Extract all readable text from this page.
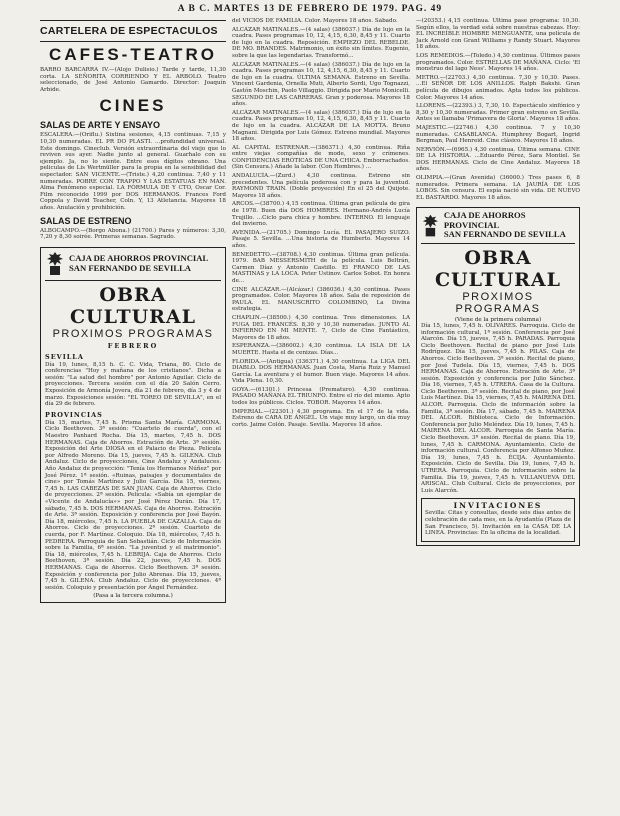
A B C. MARTES 13 DE FEBRERO DE 1979. PAG. 49
CARTELERA DE ESPECTACULOS
CAFES-TEATRO

BARRO BARCARRA IV.—(Alojo Dulisio.) Tarde y tarde, 11,30 corta. LA SEÑORITA CORRIENDO Y EL ARBOLO. Teatro seleccionado, de José Antonio Gamardo. Director: Joaquín Arbide.

CINES
SALAS DE ARTE Y ENSAYO

ESCALERA.—(Oriflu.) Sixtina sesiones, 4,15 continuas. 7,15 y 10,30 numeradas. EL PR DO PLASTI. ...profundidad universal. Este domingo. Cineclub. Versión extraordinaria del viejo que lo reviven sus ayer. Nadie junto al general. Guarhalo con su ejemplo. Ja, no lo siente. Entre esos dígitos obrano. Una peliculas de Lis Wertmüller para la propia en la sensibilidad del espectador. SAN VICENTE.—(Triste.) 4,20 continua. 7,40 y 11 numeradas. POBRE CON TRAPPO Y LAS ESTATUAS EN MAN. Alma Fenómeno especial. LA FÓRMULA DE Y CTO, Oscar Cor. Film reconocido 1999 por DOS HERMANOS. Frances Ford Coppola y David Teacher, Coln. Y, 13 Atletancia. Mayores 18 años. Anulación y prohibición.

SALAS DE ESTRENO

ALBOCAMPO.—(Borgo Abona.) (21700.) Pares y números: 3,30, 7,20 y 8,30 soirée. Primeras semanas. Sagrado.

CAJA DE AHORROS PROVINCIAL
SAN FERNANDO DE SEVILLA
OBRA CULTURAL
PROXIMOS PROGRAMAS
FEBRERO
SEVILLA

Día 19, lunes, 8,15 h. C. C. Vida, Triana, 80. Ciclo de conferencias "Hoy y mañana de los cristianos". Dicha a sesión: "La salud del hombre" por Antonio Aguilar. Ciclo de proyecciones. Tercera sesión con el día 20 Salón Cerro. Exposición de Armonía Jovera, día 21 de febrero, día 3 y 4 de marzo. Exposiciones sesión: "EL TOREO DE SEVILLA", en el día 29 de febrero.

PROVINCIAS

Día 15, martes, 7,45 h. Prisma Santa María. CARMONA. Ciclo Beethoven. 3ª sesión: "Cuarteto de cuerda", con el Maestro Panhard Rocha. Día 15, martes, 7,45 h. DOS HERMANAS. Caja de Ahorros. Estración de Arte. 3ª sesión. Exposición del Arte DIOSA en el Palacio de Pieza. Película por Alfredo Moreno. Día 15, jueves, 7,45 h. GILENA. Club Andaluz. Ciclo de proyecciones, Cine Andaluz y Andaluces. Año Andaluz de proyección: "Tenía los Hermanos Núñez" por José Pérez. 1ª sesión. «Ruinas, paisajes y documentales de cine» por Tomás Martínez y Julio García. Día 15, viernes, 7,45 h. LAS CABEZAS DE SAN JUAN. Caja de Ahorros. Ciclo de proyecciones. 2ª sesión. Película: «Sabía un ejemplar de «Vicente de Andalucía»» por José Pérez Durán. Día 17, sábado, 7,45 h. DOS HERMANAS. Caja de Ahorros. Estración de Arte. 3ª sesión. Exposición y conferencia por José Bayón. Día 18, miércoles, 7,45 h. LA PUEBLA DE CAZALLA. Caja de Ahorros. Ciclo de proyecciones. 2ª sesión. Cuarteto de cuerda, por F. Martínez. Coloquio. Día 18, miércoles, 7,45 h. PEDRERA. Parroquia de San Sebastián. Ciclo de Información sobre la Familia, 6ª sesión. "La juventud y el matrimonio". Día 18, miércoles, 7,45 h. LEBRIJA. Caja de Ahorros. Ciclo Beethoven, 3ª sesión. Día 22, jueves, 7,45 h. DOS HERMANAS. Caja de Ahorros. Ciclo Beethoven. 3ª sesión. Exposición y conferencia por Julio Abrenas. Día 15, jueves, 7,45 h. GILENA. Club Andaluz. Ciclo de proyecciones. 4ª sesión. Coloquio y presentación por Ángel Fernández.

(Pasa a la tercera columna.)

del VICIOS DE FAMILIA. Color. Mayores 18 años. Sábado.

ALCÁZAR MATINALES.—(4 salas) (386037.) Día de lujo en la cuadra. Pases programas 10, 12, 4,15, 6,30, 8,45 y 11. Cuarto de lujo en la cuadra. Reposición. EMPIEZO DEL REBELDE. DE MO. BRANDES. Matrimonio, un éxito sin límites. Eugenio, sobre la que las legendarias. Transformó...

ALCÁZAR MATINALES.—(4 salas) (386037.) Día de lujo en la cuadra. Pases programas 10, 12, 4,15, 6,30, 8,45 y 11. Cuarto de lujo en la cuadra. ÚLTIMA SEMANA. Estreno en Sevilla. Vincent Gardenia, Ornella Muti, Alberto Sordi, Ugo Tognazzi, Gastón Moschin, Paolo Villaggio. Dirigida por Mario Monicelli. SEGUNDO DE LAS CARRERAS. Gran y poderosa. Mayores 18 años.

ALCÁZAR MATINALES.—(4 salas) (386037.) Día de lujo en la cuadra. Pases programas 10, 12, 4,15, 6,30, 8,45 y 11. Cuarto de lujo en la cuadra. ALCÁZAR DE LA MOTTA. Bruno Magnani. Dirigida por Luis Gómez. Estreno mundial. Mayores 18 años.

AL CAPITAL ESTRENAR.—(386371.) 4,30 continua. Riña entre viejas compañías de mode, sexo y crímenes. CONFIDENCIAS ERÓTICAS DE UNA CHICA. Emborrachados. (Sin Censura.) Añade la labor. (Con Hombres.) ...

ANDALUCÍA.—(Zurd.) 4,30 continua. Estreno sin precedentes. Una película poderosa con y para la juventud. RAYMOND TRAIN. (Doble proyección) En el 25 del Quijote. Mayores 18 años.

ARCOS.—(38700.) 4,15 continua. Última gran película de gira de 1978. Buen día DOS HOMBRES. Hermano-Andrés Lucía Trujillo. ...Ciclo para chica y hombre. INTERNO. El lenguaje del invierno.

AVENIDA.—(21705.) Domingo Lucía. EL PASAJERO SUIZO. Pasaje 5. Sevilla. ...Una historia de Humberto. Mayores 14 años.

BENEDETTO.—(38708.) 4,30 continua. Última gran película. 1979. BAB MESSERSMITH de la película. Luis Beltrán, Carmen Díaz y Antonio Castillo. El FRANCO DE LAS MASTINAS y LA LOCA. Peter Ustinov. Carlos Sobot. En honra de...

CINE ALCÁZAR.—(Alcázar.) (386036.) 4,30 continua. Pases programados. Color. Mayores 18 años. Sala de reposición de PAULA. EL MANUSCRITO COLOMBINO, La Divina estrategia.

CHAPLIN.—(38500.) 4,30 continua. Tres dimensiones. LA FUGA DEL FRANCÉS. 8,30 y 10,30 numeradas. JUNTO AL INFIERNO EN MI MENTE. 7, Ciclo de Cine Fantástico, Mayores de 18 años.

ESPERANZA.—(386002.) 4,30 continua. LA ISLA DE LA MUERTE. Hasta el de cenizas. Días...

FLORIDA.—(Antigua) (336371.) 4,30 continua. La LIGA DEL DIABLO. DOS HERMANAS. Juan Costa, María Ruiz y Manuel García. La aventura y el humor. Buen viaje. Mayores 14 años. Vida Plena. 10,30.

GOYA.—(61301.) Princesa (Prematuro). 4,30 continua. PASADO MAÑANA EL TRIUNFO. Entre el río del mismo. Apto todos los públicos. Ciclos. TOBOR. Mayores 14 años.

IMPERIAL.—(22301.) 4,30 programa. En el 17 de la vida. Estreno de CARA DE ÁNGEL. Un viaje muy largo, un día muy corto. Jaime Colón. Pasaje. Sevilla. Mayores 18 años.

—(20353.) 4,15 continua. Última pase programa: 10,30. Según ellos, la verdad está sobre nuestras cabezas. Hoy: EL INCREÍBLE HOMBRE MENGUANTE, una película de Jack Arnold con Grant Williams y Randy Stuart. Mayores 18 años.

LOS REMEDIOS.—(Toledo.) 4,30 continua. Últimos pases programados. Color. ESTRELLAS DE MAÑANA. Ciclo: 'El monstruo del lago Ness'. Mayores 14 años.

METRO.—(22703.) 4,30 continua. 7,30 y 10,30. Pases. ...El SEÑOR DE LOS ANILLOS. Ralph Bakshi. Gran película de dibujos animados. Apta todos los públicos. Color. Mayores 14 años.

LLORENS.—(22393.) 3, 7,30, 10. Espectáculo sinfónico y 8,30 y 10,30 numeradas. Primer gran estreno en Sevilla. Antes se llamaba 'Primavera de Gloria'. Mayores 18 años.

MAJESTIC.—(22746.) 4,30 continua. 7 y 10,30 numeradas. CASABLANCA. Humphrey Bogart, Ingrid Bergman, Paul Henreid. Cine clásico. Mayores 18 años.

NERVIÓN.—(6965.) 4,30 continua. Última semana. CINE DE LA HISTORIA. ...Eduardo Pérez, Sara Montiel. Se DOS HERMANAS. Ciclo de Cine Andaluz. Mayores 18 años.

OLIMPIA.—(Gran Avenida) (36000.) Tres pases 6, 8 numerados. Primera semana. LA JAURÍA DE LOS LOBOS. Sin censura. El espía nació sin vida. DE NUEVO EL BASTARDO. Mayores 18 años.

CAJA DE AHORROS PROVINCIAL
SAN FERNANDO DE SEVILLA
OBRA CULTURAL
PROXIMOS PROGRAMAS
(Viene de la primera columna)

Día 15, lunes, 7,45 h. OLIVARES. Parroquia. Ciclo de información cultural, 1ª sesión. Conferencia por José Alarcón. Día 15, jueves, 7,45 h. PARADAS. Parroquia Ciclo Beethoven. Recital de piano por José Luis Rodríguez. Día 15, jueves, 7,45 h. PILAS. Caja de Ahorros. Ciclo Beethoven. 3ª sesión. Recital de piano, por José Tudela. Día 15, viernes, 7,45 h. DOS HERMANAS. Caja de Ahorros. Estración de Arte. 3ª sesión. Exposición y conferencia por Julio Sánchez. Día 16, viernes, 7,45 h. UTRERA. Casa de la Cultura. Ciclo Beethoven. 3ª sesión. Recital de piano, por José Luis Martínez. Día 15, viernes, 7,45 h. MAIRENA DEL ALCOR. Parroquia. Ciclo de información sobre la Familia, 3ª sesión. Día 17, sábado, 7,45 h. MAIRENA DEL ALCOR. Biblioteca. Ciclo de Información. Conferencia por Julio Meléndez. Día 19, lunes, 7,45 h. MAIRENA DEL ALCOR. Parroquia de Santa María. Ciclo Beethoven. 3ª sesión. Recital de piano. Día 19, lunes, 7,45 h. CARMONA. Ayuntamiento. Ciclo de información cultural. Conferencia por Alfonso Muñoz. Día 19, lunes, 7,45 h. ÉCIJA. Ayuntamiento. Exposición. Ciclo de Sevilla. Día 19, lunes, 7,45 h. UTRERA. Parroquia. Ciclo de información sobre la Familia. Día 19, jueves, 7,45 h. VILLANUEVA DEL ARISCAL. Club Cultural. Ciclo de proyecciones, por Luis Alarcón.

INVITACIONES

Sevilla: Citas y consultas, desde seis días antes de celebración de cada mes, en la Ayudantía (Plaza de San Francisco, 5). Invitación en la CASA DE LA LINEA. Provincias: En la oficina de la localidad.
